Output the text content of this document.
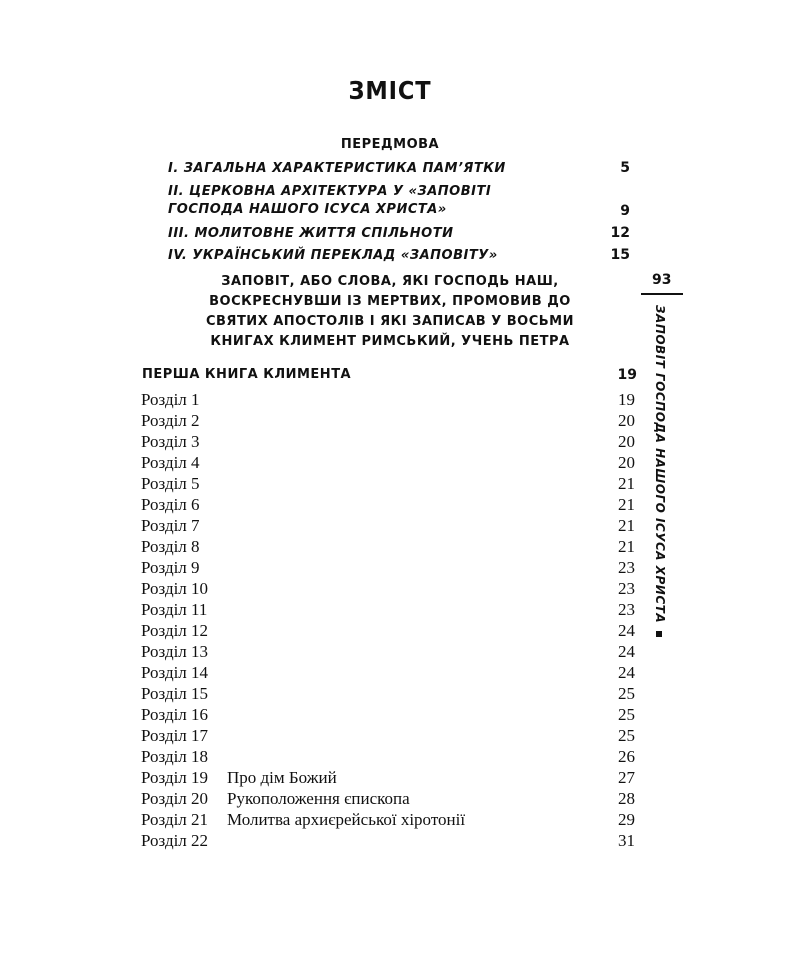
ЗМІСТ
ПЕРЕДМОВА
I. ЗАГАЛЬНА ХАРАКТЕРИСТИКА ПАМ’ЯТКИ	5
II. ЦЕРКОВНА АРХІТЕКТУРА У «ЗАПОВІТІ
ГОСПОДА НАШОГО ІСУСА ХРИСТА»	9
III. МОЛИТОВНЕ ЖИТТЯ СПІЛЬНОТИ	12
IV. УКРАЇНСЬКИЙ ПЕРЕКЛАД «ЗАПОВІТУ»	15
ЗАПОВІТ, АБО СЛОВА, ЯКІ ГОСПОДЬ НАШ,
ВОСКРЕСНУВШИ ІЗ МЕРТВИХ, ПРОМОВИВ ДО
СВЯТИХ АПОСТОЛІВ І ЯКІ ЗАПИСАВ У ВОСЬМИ
КНИГАХ КЛИМЕНТ РИМСЬКИЙ, УЧЕНЬ ПЕТРА
ПЕРША КНИГА КЛИМЕНТА	19
Розділ 1	19
Розділ 2	20
Розділ 3	20
Розділ 4	20
Розділ 5	21
Розділ 6	21
Розділ 7	21
Розділ 8	21
Розділ 9	23
Розділ 10	23
Розділ 11	23
Розділ 12	24
Розділ 13	24
Розділ 14	24
Розділ 15	25
Розділ 16	25
Розділ 17	25
Розділ 18	26
Розділ 19 Про дім Божий	27
Розділ 20 Рукоположення єпископа	28
Розділ 21 Молитва архиєрейської хіротонії	29
Розділ 22	31
93
ЗАПОВІТ ГОСПОДА НАШОГО ІСУСА ХРИСТА
